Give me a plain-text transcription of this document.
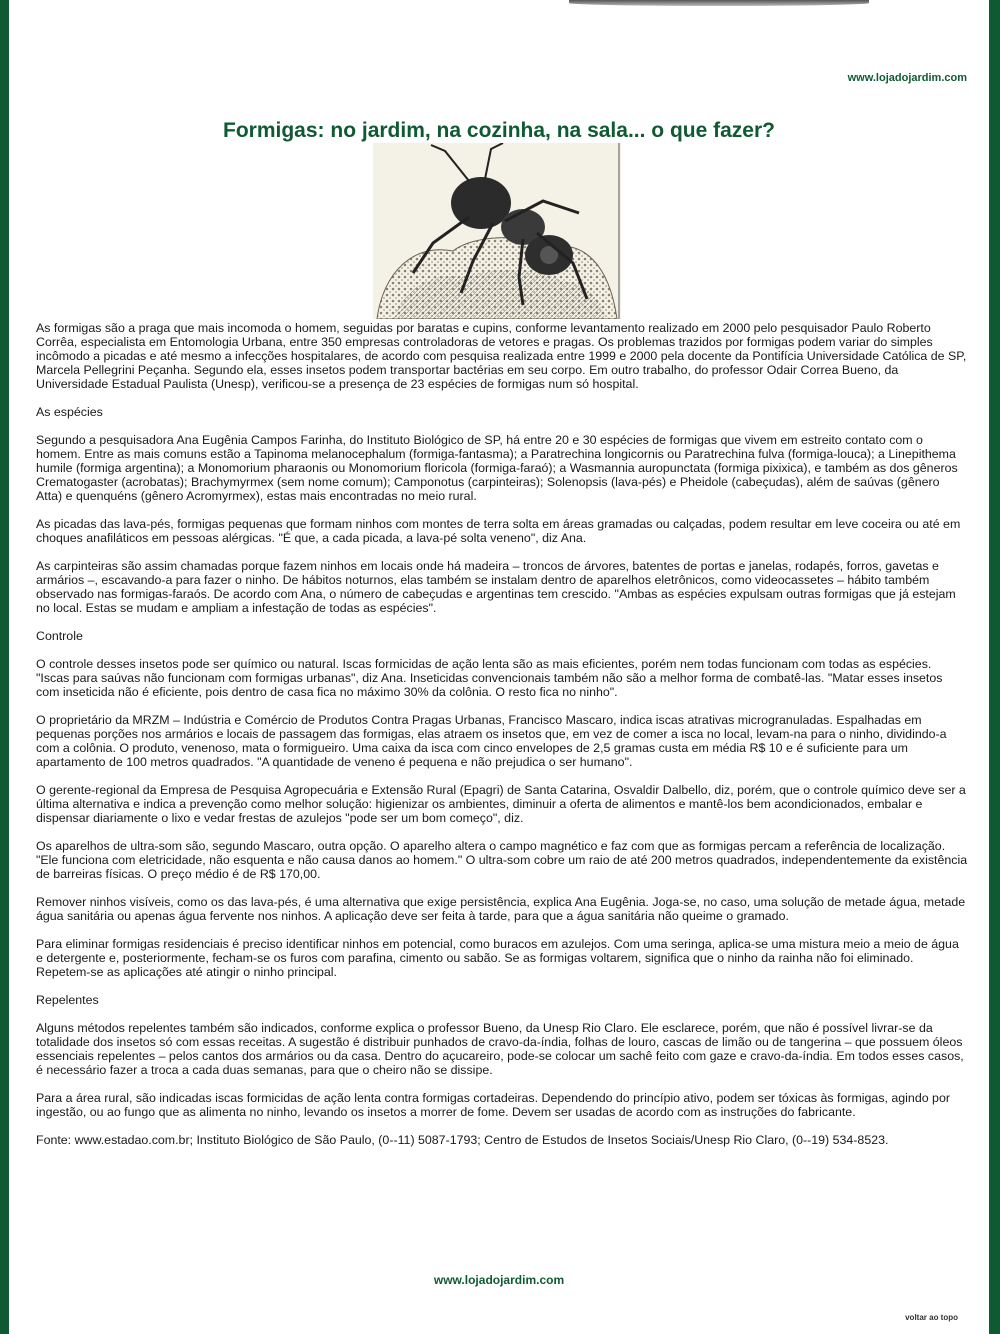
www.lojadojardim.com
Formigas: no jardim, na cozinha, na sala... o que fazer?

As formigas são a praga que mais incomoda o homem, seguidas por baratas e cupins, conforme levantamento realizado em 2000 pelo pesquisador Paulo Roberto Corrêa, especialista em Entomologia Urbana, entre 350 empresas controladoras de vetores e pragas. Os problemas trazidos por formigas podem variar do simples incômodo a picadas e até mesmo a infecções hospitalares, de acordo com pesquisa realizada entre 1999 e 2000 pela docente da Pontifícia Universidade Católica de SP, Marcela Pellegrini Peçanha. Segundo ela, esses insetos podem transportar bactérias em seu corpo. Em outro trabalho, do professor Odair Correa Bueno, da Universidade Estadual Paulista (Unesp), verificou-se a presença de 23 espécies de formigas num só hospital.

As espécies

Segundo a pesquisadora Ana Eugênia Campos Farinha, do Instituto Biológico de SP, há entre 20 e 30 espécies de formigas que vivem em estreito contato com o homem. Entre as mais comuns estão a Tapinoma melanocephalum (formiga-fantasma); a Paratrechina longicornis ou Paratrechina fulva (formiga-louca); a Linepithema humile (formiga argentina); a Monomorium pharaonis ou Monomorium floricola (formiga-faraó); a Wasmannia auropunctata (formiga pixixica), e também as dos gêneros Crematogaster (acrobatas); Brachymyrmex (sem nome comum); Camponotus (carpinteiras); Solenopsis (lava-pés) e Pheidole (cabeçudas), além de saúvas (gênero Atta) e quenquéns (gênero Acromyrmex), estas mais encontradas no meio rural.

As picadas das lava-pés, formigas pequenas que formam ninhos com montes de terra solta em áreas gramadas ou calçadas, podem resultar em leve coceira ou até em choques anafiláticos em pessoas alérgicas. "É que, a cada picada, a lava-pé solta veneno", diz Ana.

As carpinteiras são assim chamadas porque fazem ninhos em locais onde há madeira – troncos de árvores, batentes de portas e janelas, rodapés, forros, gavetas e armários –, escavando-a para fazer o ninho. De hábitos noturnos, elas também se instalam dentro de aparelhos eletrônicos, como videocassetes – hábito também observado nas formigas-faraós. De acordo com Ana, o número de cabeçudas e argentinas tem crescido. "Ambas as espécies expulsam outras formigas que já estejam no local. Estas se mudam e ampliam a infestação de todas as espécies".

Controle

O controle desses insetos pode ser químico ou natural. Iscas formicidas de ação lenta são as mais eficientes, porém nem todas funcionam com todas as espécies. "Iscas para saúvas não funcionam com formigas urbanas", diz Ana. Inseticidas convencionais também não são a melhor forma de combatê-las. "Matar esses insetos com inseticida não é eficiente, pois dentro de casa fica no máximo 30% da colônia. O resto fica no ninho".

O proprietário da MRZM – Indústria e Comércio de Produtos Contra Pragas Urbanas, Francisco Mascaro, indica iscas atrativas microgranuladas. Espalhadas em pequenas porções nos armários e locais de passagem das formigas, elas atraem os insetos que, em vez de comer a isca no local, levam-na para o ninho, dividindo-a com a colônia. O produto, venenoso, mata o formigueiro. Uma caixa da isca com cinco envelopes de 2,5 gramas custa em média R$ 10 e é suficiente para um apartamento de 100 metros quadrados. "A quantidade de veneno é pequena e não prejudica o ser humano".

O gerente-regional da Empresa de Pesquisa Agropecuária e Extensão Rural (Epagri) de Santa Catarina, Osvaldir Dalbello, diz, porém, que o controle químico deve ser a última alternativa e indica a prevenção como melhor solução: higienizar os ambientes, diminuir a oferta de alimentos e mantê-los bem acondicionados, embalar e dispensar diariamente o lixo e vedar frestas de azulejos "pode ser um bom começo", diz.

Os aparelhos de ultra-som são, segundo Mascaro, outra opção. O aparelho altera o campo magnético e faz com que as formigas percam a referência de localização. "Ele funciona com eletricidade, não esquenta e não causa danos ao homem." O ultra-som cobre um raio de até 200 metros quadrados, independentemente da existência de barreiras físicas. O preço médio é de R$ 170,00.

Remover ninhos visíveis, como os das lava-pés, é uma alternativa que exige persistência, explica Ana Eugênia. Joga-se, no caso, uma solução de metade água, metade água sanitária ou apenas água fervente nos ninhos. A aplicação deve ser feita à tarde, para que a água sanitária não queime o gramado.

Para eliminar formigas residenciais é preciso identificar ninhos em potencial, como buracos em azulejos. Com uma seringa, aplica-se uma mistura meio a meio de água e detergente e, posteriormente, fecham-se os furos com parafina, cimento ou sabão. Se as formigas voltarem, significa que o ninho da rainha não foi eliminado. Repetem-se as aplicações até atingir o ninho principal.

Repelentes

Alguns métodos repelentes também são indicados, conforme explica o professor Bueno, da Unesp Rio Claro. Ele esclarece, porém, que não é possível livrar-se da totalidade dos insetos só com essas receitas. A sugestão é distribuir punhados de cravo-da-índia, folhas de louro, cascas de limão ou de tangerina – que possuem óleos essenciais repelentes – pelos cantos dos armários ou da casa. Dentro do açucareiro, pode-se colocar um sachê feito com gaze e cravo-da-índia. Em todos esses casos, é necessário fazer a troca a cada duas semanas, para que o cheiro não se dissipe.

Para a área rural, são indicadas iscas formicidas de ação lenta contra formigas cortadeiras. Dependendo do princípio ativo, podem ser tóxicas às formigas, agindo por ingestão, ou ao fungo que as alimenta no ninho, levando os insetos a morrer de fome. Devem ser usadas de acordo com as instruções do fabricante.

Fonte: www.estadao.com.br; Instituto Biológico de São Paulo, (0--11) 5087-1793; Centro de Estudos de Insetos Sociais/Unesp Rio Claro, (0--19) 534-8523.

www.lojadojardim.com
voltar ao topo
